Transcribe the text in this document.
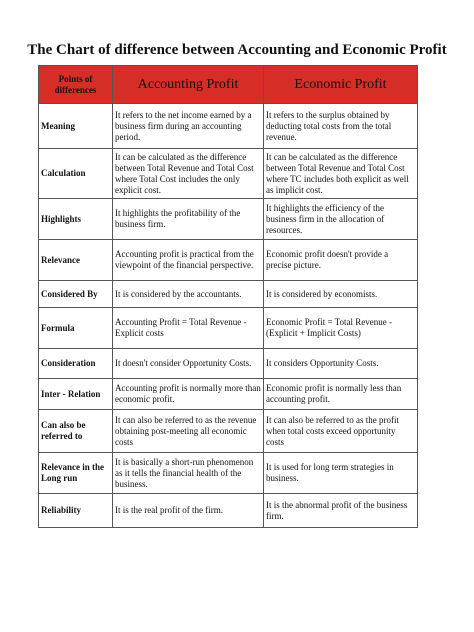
The Chart of difference between Accounting and Economic Profit
Points of differences	Accounting Profit	Economic Profit
Meaning	It refers to the net income earned by a business firm during an accounting period.	It refers to the surplus obtained by deducting total costs from the total revenue.
Calculation	It can be calculated as the difference between Total Revenue and Total Cost where Total Cost includes the only explicit cost.	It can be calculated as the difference between Total Revenue and Total Cost where TC includes both explicit as well as implicit cost.
Highlights	It highlights the profitability of the business firm.	It highlights the efficiency of the business firm in the allocation of resources.
Relevance	Accounting profit is practical from the viewpoint of the financial perspective.	Economic profit doesn't provide a precise picture.
Considered By	It is considered by the accountants.	It is considered by economists.
Formula	Accounting Profit = Total Revenue - Explicit costs	Economic Profit = Total Revenue - (Explicit + Implicit Costs)
Consideration	It doesn't consider Opportunity Costs.	It considers Opportunity Costs.
Inter - Relation	Accounting profit is normally more than economic profit.	Economic profit is normally less than accounting profit.
Can also be referred to	It can also be referred to as the revenue obtaining post-meeting all economic costs	It can also be referred to as the profit when total costs exceed opportunity costs
Relevance in the Long run	It is basically a short-run phenomenon as it tells the financial health of the business.	It is used for long term strategies in business.
Reliability	It is the real profit of the firm.	It is the abnormal profit of the business firm.
